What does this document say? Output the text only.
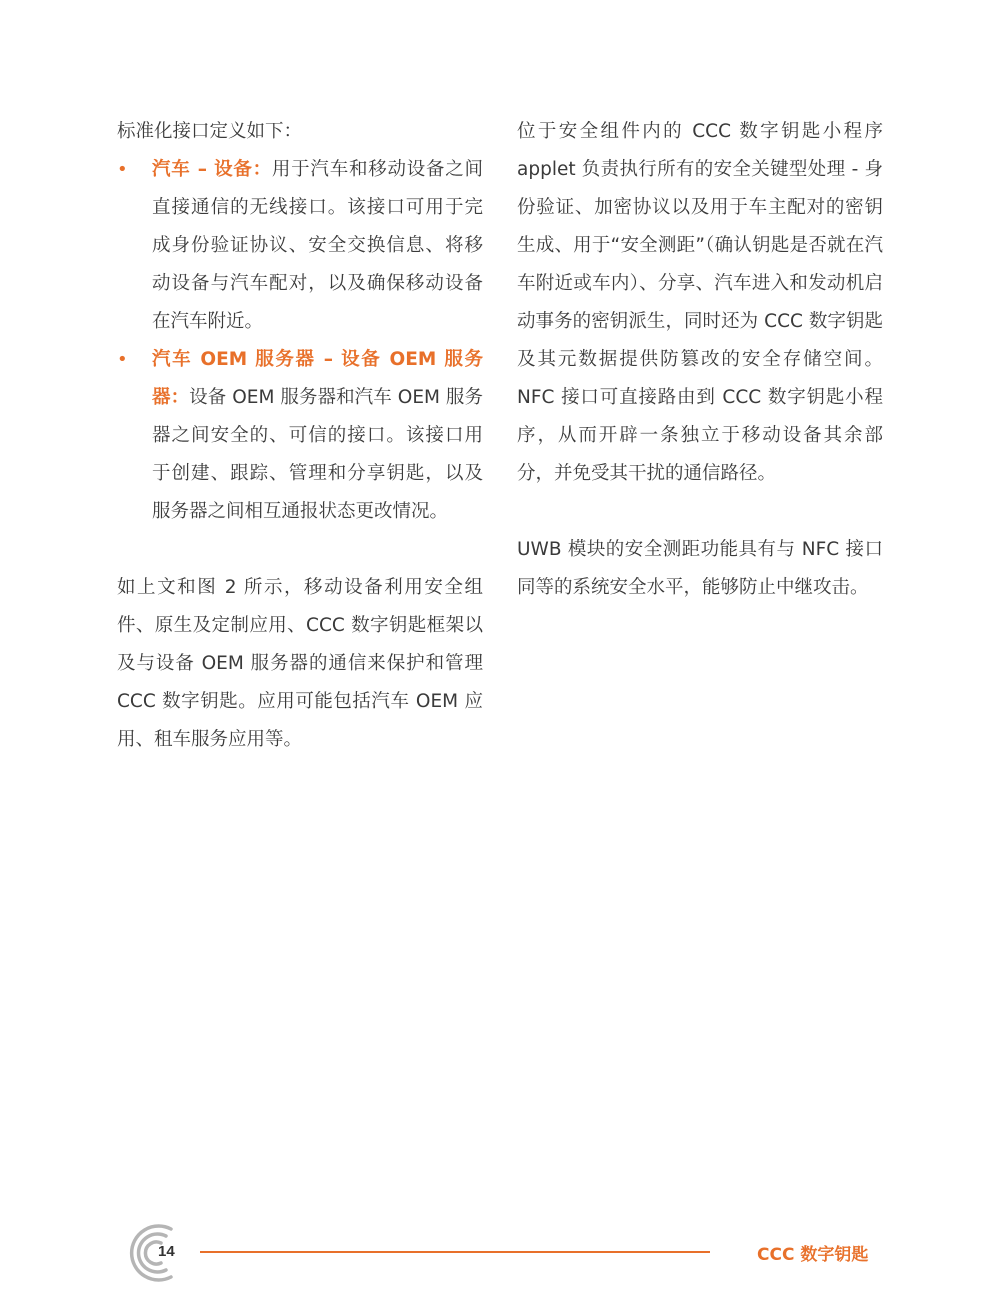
标准化接口定义如下：

• 汽车 – 设备：用于汽车和移动设备之间直接通信的无线接口。该接口可用于完成身份验证协议、安全交换信息、将移动设备与汽车配对，以及确保移动设备在汽车附近。
• 汽车 OEM 服务器 – 设备 OEM 服务器：设备 OEM 服务器和汽车 OEM 服务器之间安全的、可信的接口。该接口用于创建、跟踪、管理和分享钥匙，以及服务器之间相互通报状态更改情况。

如上文和图 2 所示，移动设备利用安全组件、原生及定制应用、CCC 数字钥匙框架以及与设备 OEM 服务器的通信来保护和管理 CCC 数字钥匙。应用可能包括汽车 OEM 应用、租车服务应用等。

位于安全组件内的 CCC 数字钥匙小程序 applet 负责执行所有的安全关键型处理 - 身份验证、加密协议以及用于车主配对的密钥生成、用于“安全测距”（确认钥匙是否就在汽车附近或车内）、分享、汽车进入和发动机启动事务的密钥派生，同时还为 CCC 数字钥匙及其元数据提供防篡改的安全存储空间。NFC 接口可直接路由到 CCC 数字钥匙小程序，从而开辟一条独立于移动设备其余部分，并免受其干扰的通信路径。

UWB 模块的安全测距功能具有与 NFC 接口同等的系统安全水平，能够防止中继攻击。

14	CCC 数字钥匙
